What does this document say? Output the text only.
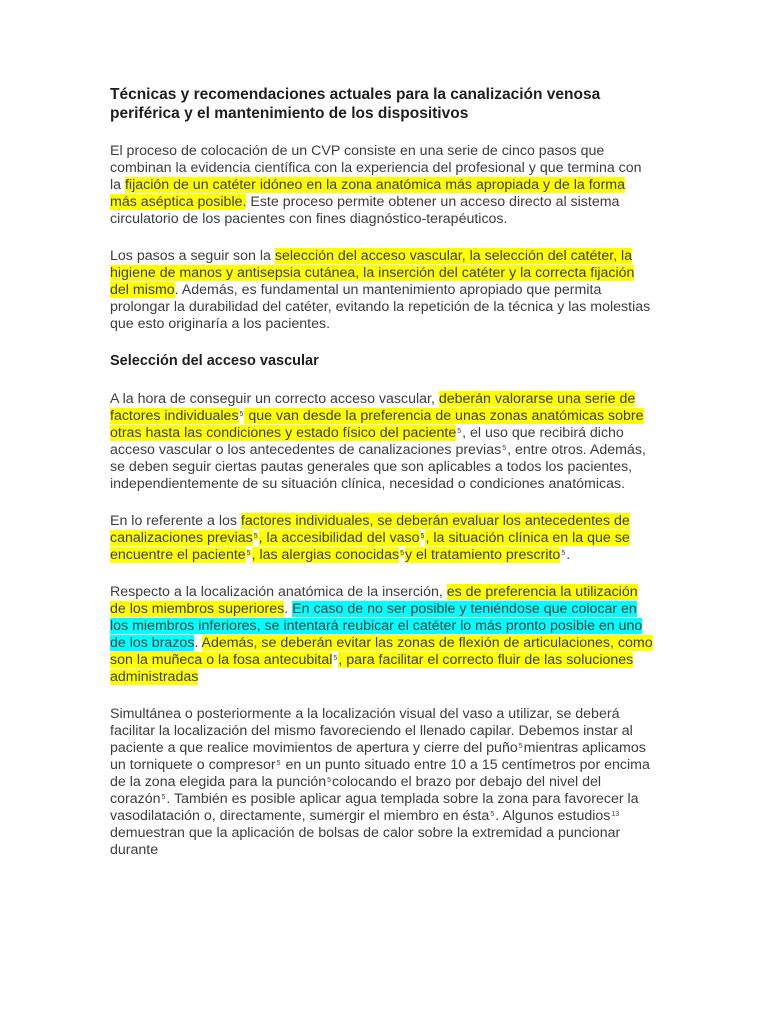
Técnicas y recomendaciones actuales para la canalización venosa periférica y el mantenimiento de los dispositivos

El proceso de colocación de un CVP consiste en una serie de cinco pasos que combinan la evidencia científica con la experiencia del profesional y que termina con la fijación de un catéter idóneo en la zona anatómica más apropiada y de la forma más aséptica posible. Este proceso permite obtener un acceso directo al sistema circulatorio de los pacientes con fines diagnóstico-terapéuticos.

Los pasos a seguir son la selección del acceso vascular, la selección del catéter, la higiene de manos y antisepsia cutánea, la inserción del catéter y la correcta fijación del mismo. Además, es fundamental un mantenimiento apropiado que permita prolongar la durabilidad del catéter, evitando la repetición de la técnica y las molestias que esto originaría a los pacientes.

Selección del acceso vascular

A la hora de conseguir un correcto acceso vascular, deberán valorarse una serie de factores individuales$^5$ que van desde la preferencia de unas zonas anatómicas sobre otras hasta las condiciones y estado físico del paciente$^5$, el uso que recibirá dicho acceso vascular o los antecedentes de canalizaciones previas$^5$, entre otros. Además, se deben seguir ciertas pautas generales que son aplicables a todos los pacientes, independientemente de su situación clínica, necesidad o condiciones anatómicas.

En lo referente a los factores individuales, se deberán evaluar los antecedentes de canalizaciones previas$^5$, la accesibilidad del vaso$^5$, la situación clínica en la que se encuentre el paciente$^5$, las alergias conocidas$^5$y el tratamiento prescrito$^5$.

Respecto a la localización anatómica de la inserción, es de preferencia la utilización de los miembros superiores. En caso de no ser posible y teniéndose que colocar en los miembros inferiores, se intentará reubicar el catéter lo más pronto posible en uno de los brazos. Además, se deberán evitar las zonas de flexión de articulaciones, como son la muñeca o la fosa antecubital$^5$, para facilitar el correcto fluir de las soluciones administradas

Simultánea o posteriormente a la localización visual del vaso a utilizar, se deberá facilitar la localización del mismo favoreciendo el llenado capilar. Debemos instar al paciente a que realice movimientos de apertura y cierre del puño$^5$mientras aplicamos un torniquete o compresor$^5$ en un punto situado entre 10 a 15 centímetros por encima de la zona elegida para la punción$^5$colocando el brazo por debajo del nivel del corazón$^5$. También es posible aplicar agua templada sobre la zona para favorecer la vasodilatación o, directamente, sumergir el miembro en ésta$^5$. Algunos estudios$^{13}$ demuestran que la aplicación de bolsas de calor sobre la extremidad a puncionar durante
